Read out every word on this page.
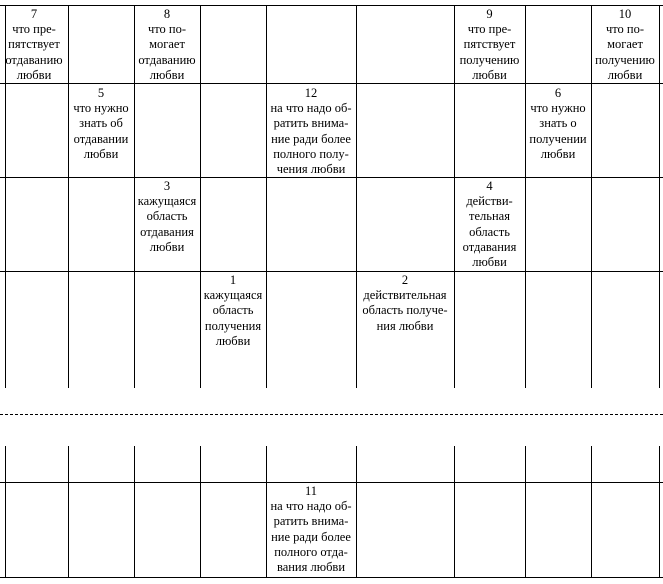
7
что пре-
пятствует
отдаванию
любви
8
что по-
могает
отдаванию
любви
9
что пре-
пятствует
получению
любви
10
что по-
могает
получению
любви
5
что нужно
знать об
отдавании
любви
12
на что надо об-
ратить внима-
ние ради более
полного полу-
чения любви
6
что нужно
знать о
получении
любви
3
кажущаяся
область
отдавания
любви
4
действи-
тельная
область
отдавания
любви
1
кажущаяся
область
получения
любви
2
действительная
область получе-
ния любви
11
на что надо об-
ратить внима-
ние ради более
полного отда-
вания любви
